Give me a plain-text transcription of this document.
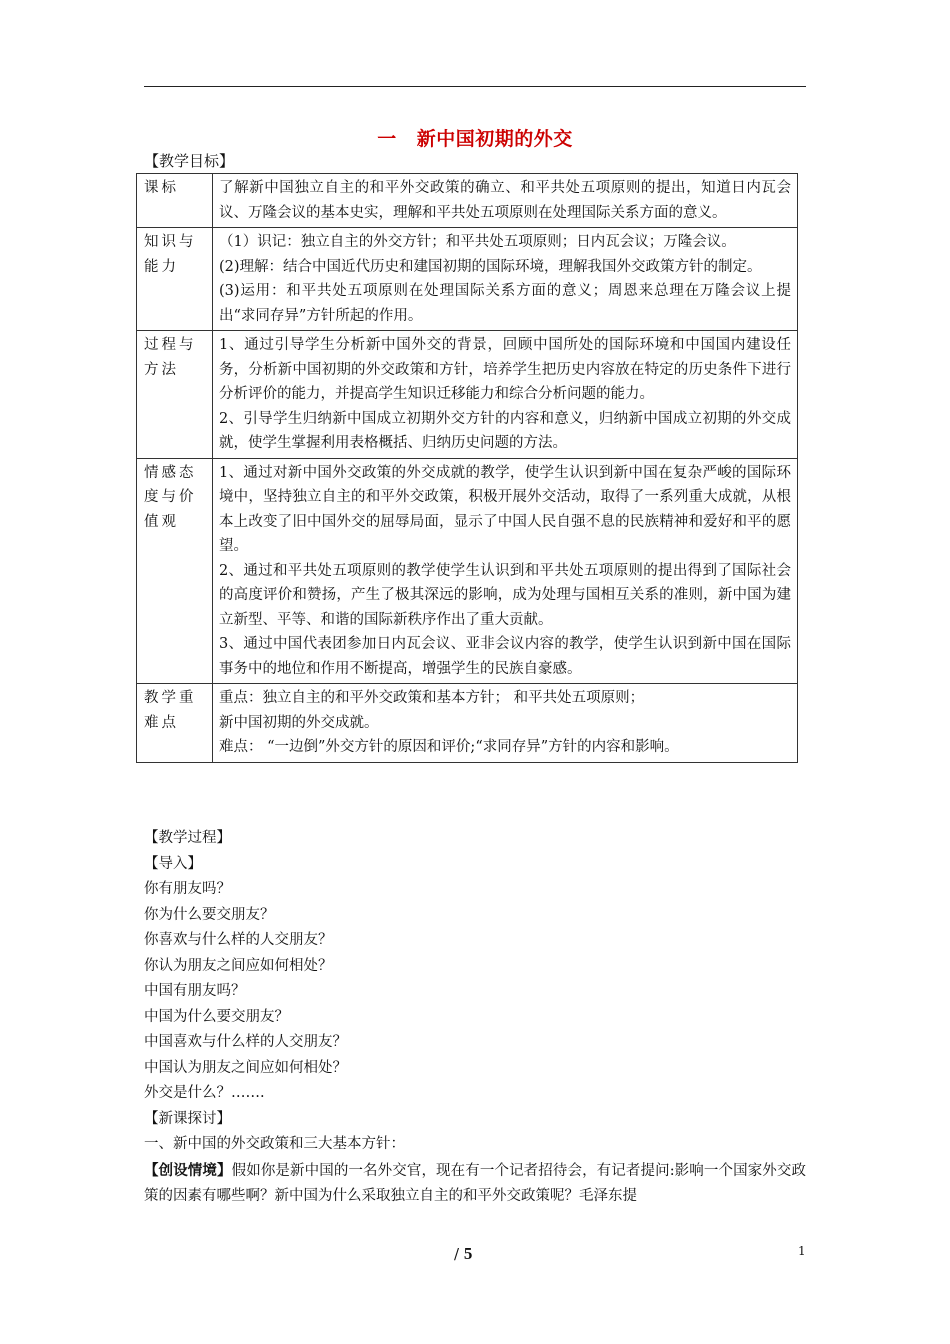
一 新中国初期的外交
【教学目标】
课标	了解新中国独立自主的和平外交政策的确立、和平共处五项原则的提出，知道日内瓦会议、万隆会议的基本史实，理解和平共处五项原则在处理国际关系方面的意义。

知识与能力	（1）识记：独立自主的外交方针；和平共处五项原则；日内瓦会议；万隆会议。

(2)理解：结合中国近代历史和建国初期的国际环境，理解我国外交政策方针的制定。

(3)运用：和平共处五项原则在处理国际关系方面的意义；周恩来总理在万隆会议上提出“求同存异”方针所起的作用。

过程与方法	1、通过引导学生分析新中国外交的背景，回顾中国所处的国际环境和中国国内建设任务，分析新中国初期的外交政策和方针，培养学生把历史内容放在特定的历史条件下进行分析评价的能力，并提高学生知识迁移能力和综合分析问题的能力。

2、引导学生归纳新中国成立初期外交方针的内容和意义，归纳新中国成立初期的外交成就，使学生掌握利用表格概括、归纳历史问题的方法。

情感态度与价值观	1、通过对新中国外交政策的外交成就的教学，使学生认识到新中国在复杂严峻的国际环境中，坚持独立自主的和平外交政策，积极开展外交活动，取得了一系列重大成就，从根本上改变了旧中国外交的屈辱局面，显示了中国人民自强不息的民族精神和爱好和平的愿望。

2、通过和平共处五项原则的教学使学生认识到和平共处五项原则的提出得到了国际社会的高度评价和赞扬，产生了极其深远的影响，成为处理与国相互关系的准则，新中国为建立新型、平等、和谐的国际新秩序作出了重大贡献。

3、通过中国代表团参加日内瓦会议、亚非会议内容的教学，使学生认识到新中国在国际事务中的地位和作用不断提高，增强学生的民族自豪感。

教学重难点	重点：独立自主的和平外交政策和基本方针； 和平共处五项原则；

新中国初期的外交成就。

难点： “一边倒”外交方针的原因和评价;“求同存异”方针的内容和影响。

【教学过程】

【导入】

你有朋友吗？

你为什么要交朋友？

你喜欢与什么样的人交朋友？

你认为朋友之间应如何相处？

中国有朋友吗？

中国为什么要交朋友？

中国喜欢与什么样的人交朋友？

中国认为朋友之间应如何相处？

外交是什么？…….

【新课探讨】

一、新中国的外交政策和三大基本方针：

【创设情境】假如你是新中国的一名外交官，现在有一个记者招待会，有记者提问:影响一个国家外交政策的因素有哪些啊？新中国为什么采取独立自主的和平外交政策呢？毛泽东提

/ 5	1
